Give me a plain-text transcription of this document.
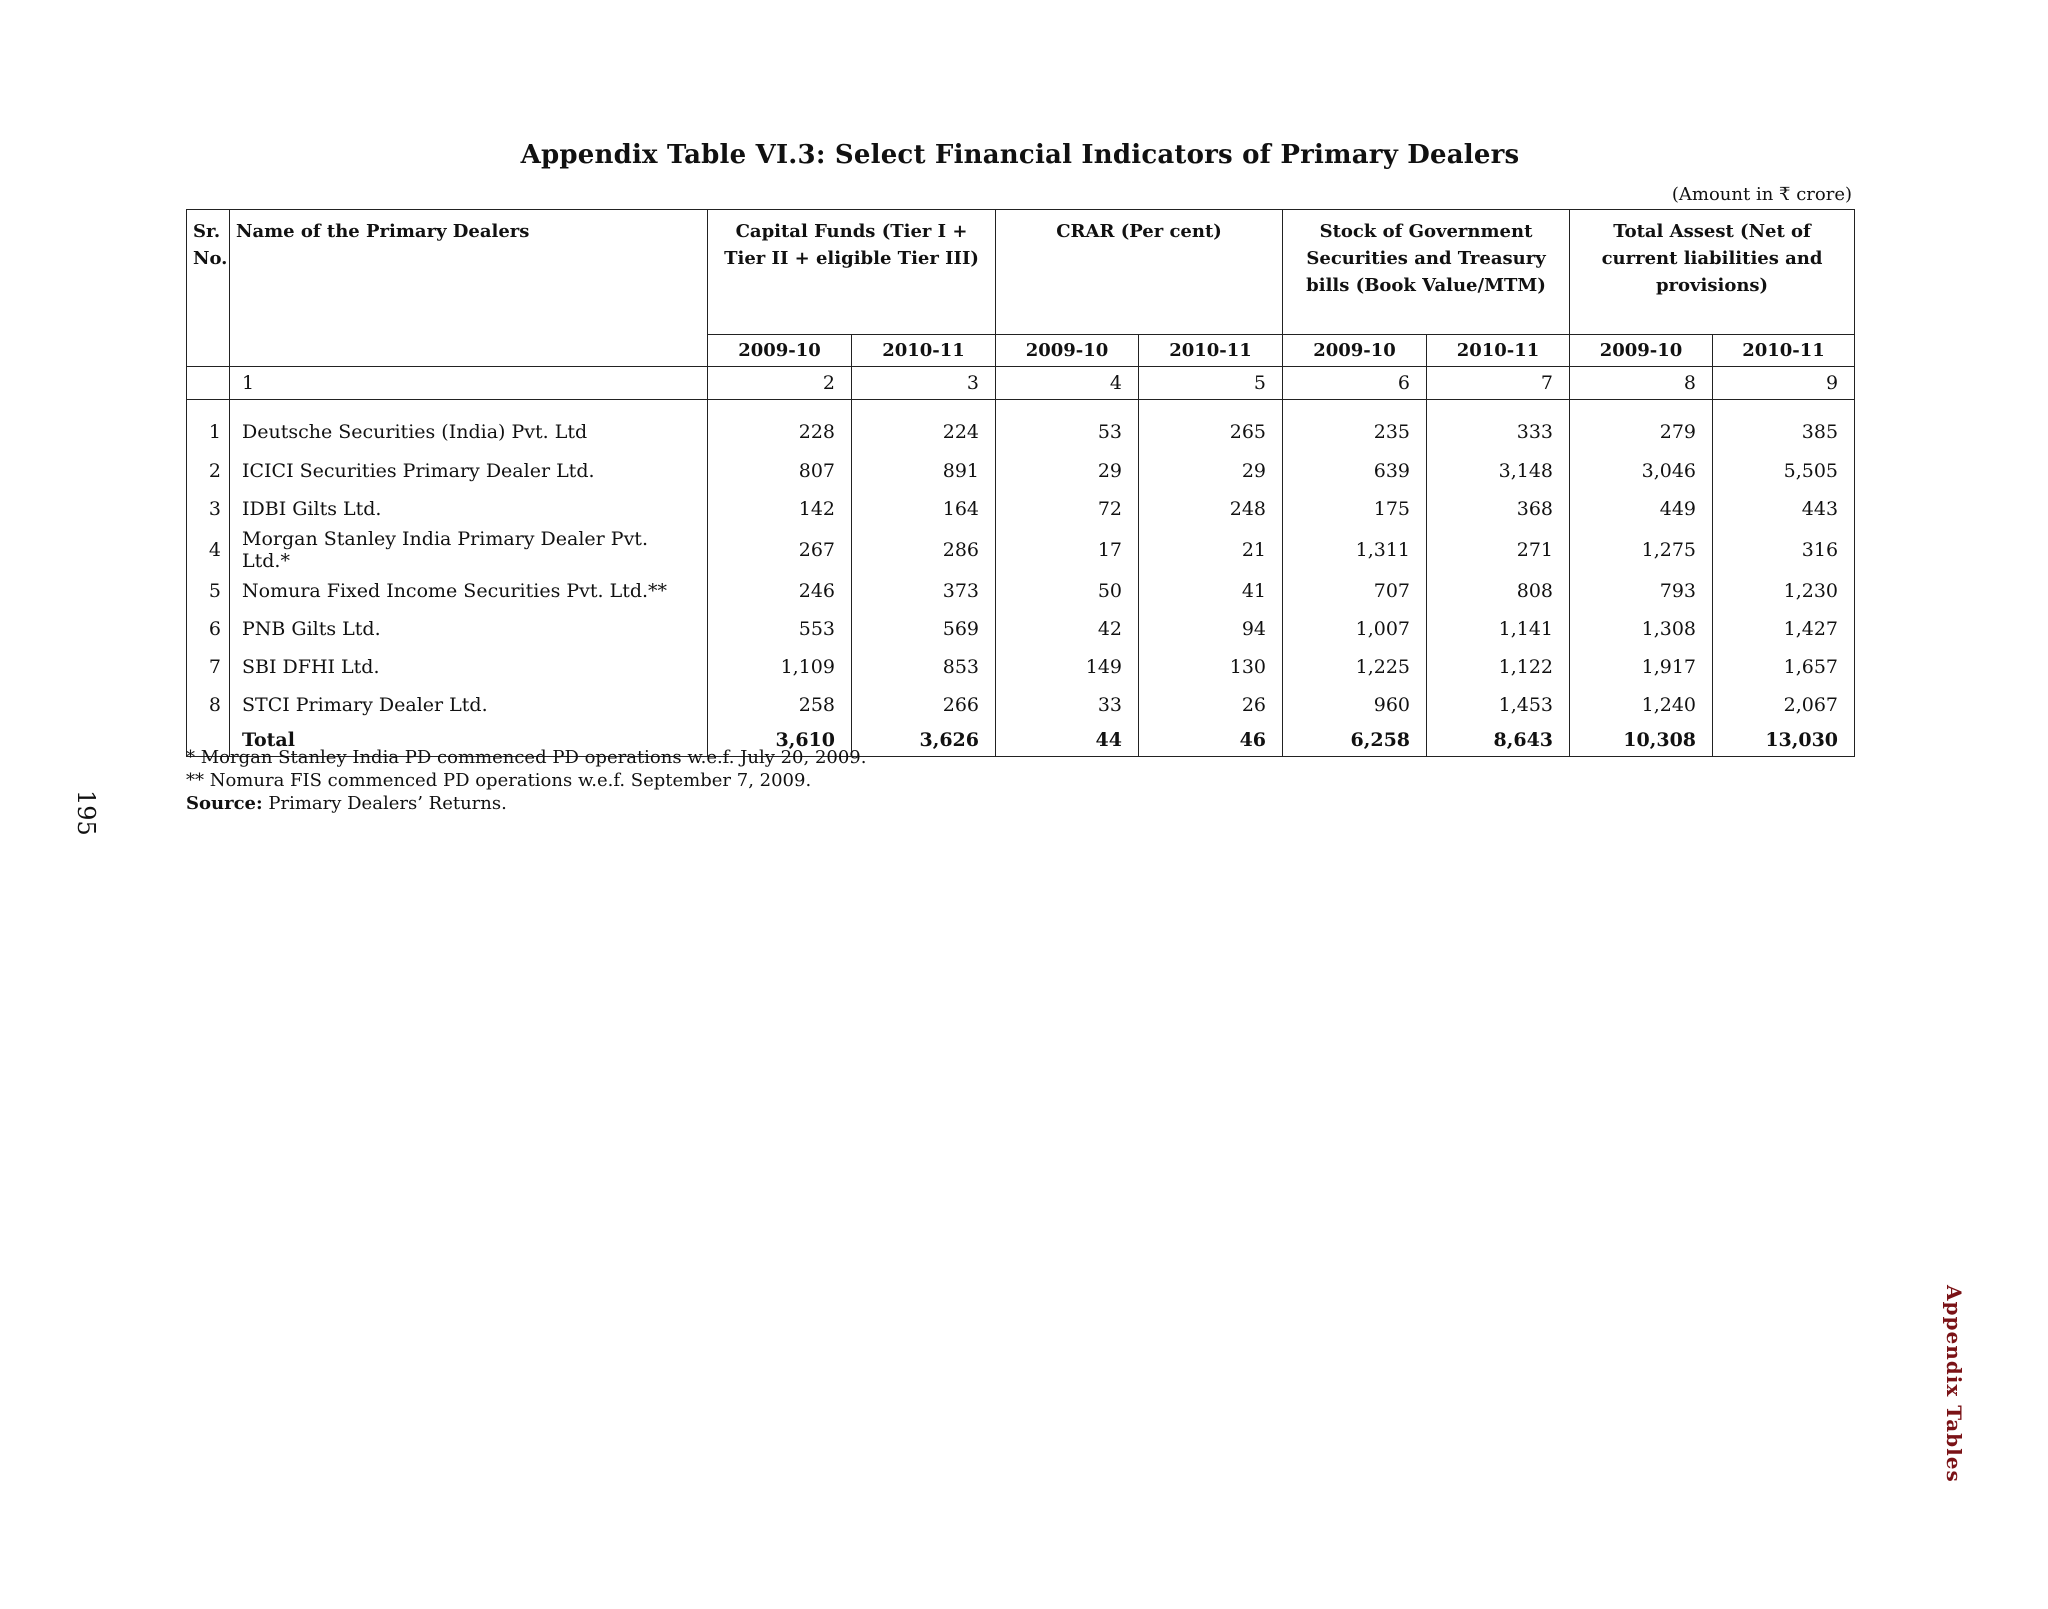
Appendix Table VI.3: Select Financial Indicators of Primary Dealers
(Amount in ₹ crore)
Sr. No.	Name of the Primary Dealers	Capital Funds (Tier I + Tier II + eligible Tier III)		CRAR (Per cent)		Stock of Government Securities and Treasury bills (Book Value/MTM)		Total Assest (Net of current liabilities and provisions)	
		2009-10	2010-11	2009-10	2010-11	2009-10	2010-11	2009-10	2010-11
	1	2	3	4	5	6	7	8	9
1	Deutsche Securities (India) Pvt. Ltd	228	224	53	265	235	333	279	385
2	ICICI Securities Primary Dealer Ltd.	807	891	29	29	639	3,148	3,046	5,505
3	IDBI Gilts Ltd.	142	164	72	248	175	368	449	443
4	Morgan Stanley India Primary Dealer Pvt. Ltd.*	267	286	17	21	1,311	271	1,275	316
5	Nomura Fixed Income Securities Pvt. Ltd.**	246	373	50	41	707	808	793	1,230
6	PNB Gilts Ltd.	553	569	42	94	1,007	1,141	1,308	1,427
7	SBI DFHI Ltd.	1,109	853	149	130	1,225	1,122	1,917	1,657
8	STCI Primary Dealer Ltd.	258	266	33	26	960	1,453	1,240	2,067
	Total	3,610	3,626	44	46	6,258	8,643	10,308	13,030
* Morgan Stanley India PD commenced PD operations w.e.f. July 20, 2009.
** Nomura FIS commenced PD operations w.e.f. September 7, 2009.
Source: Primary Dealers’ Returns.
195
Appendix Tables
